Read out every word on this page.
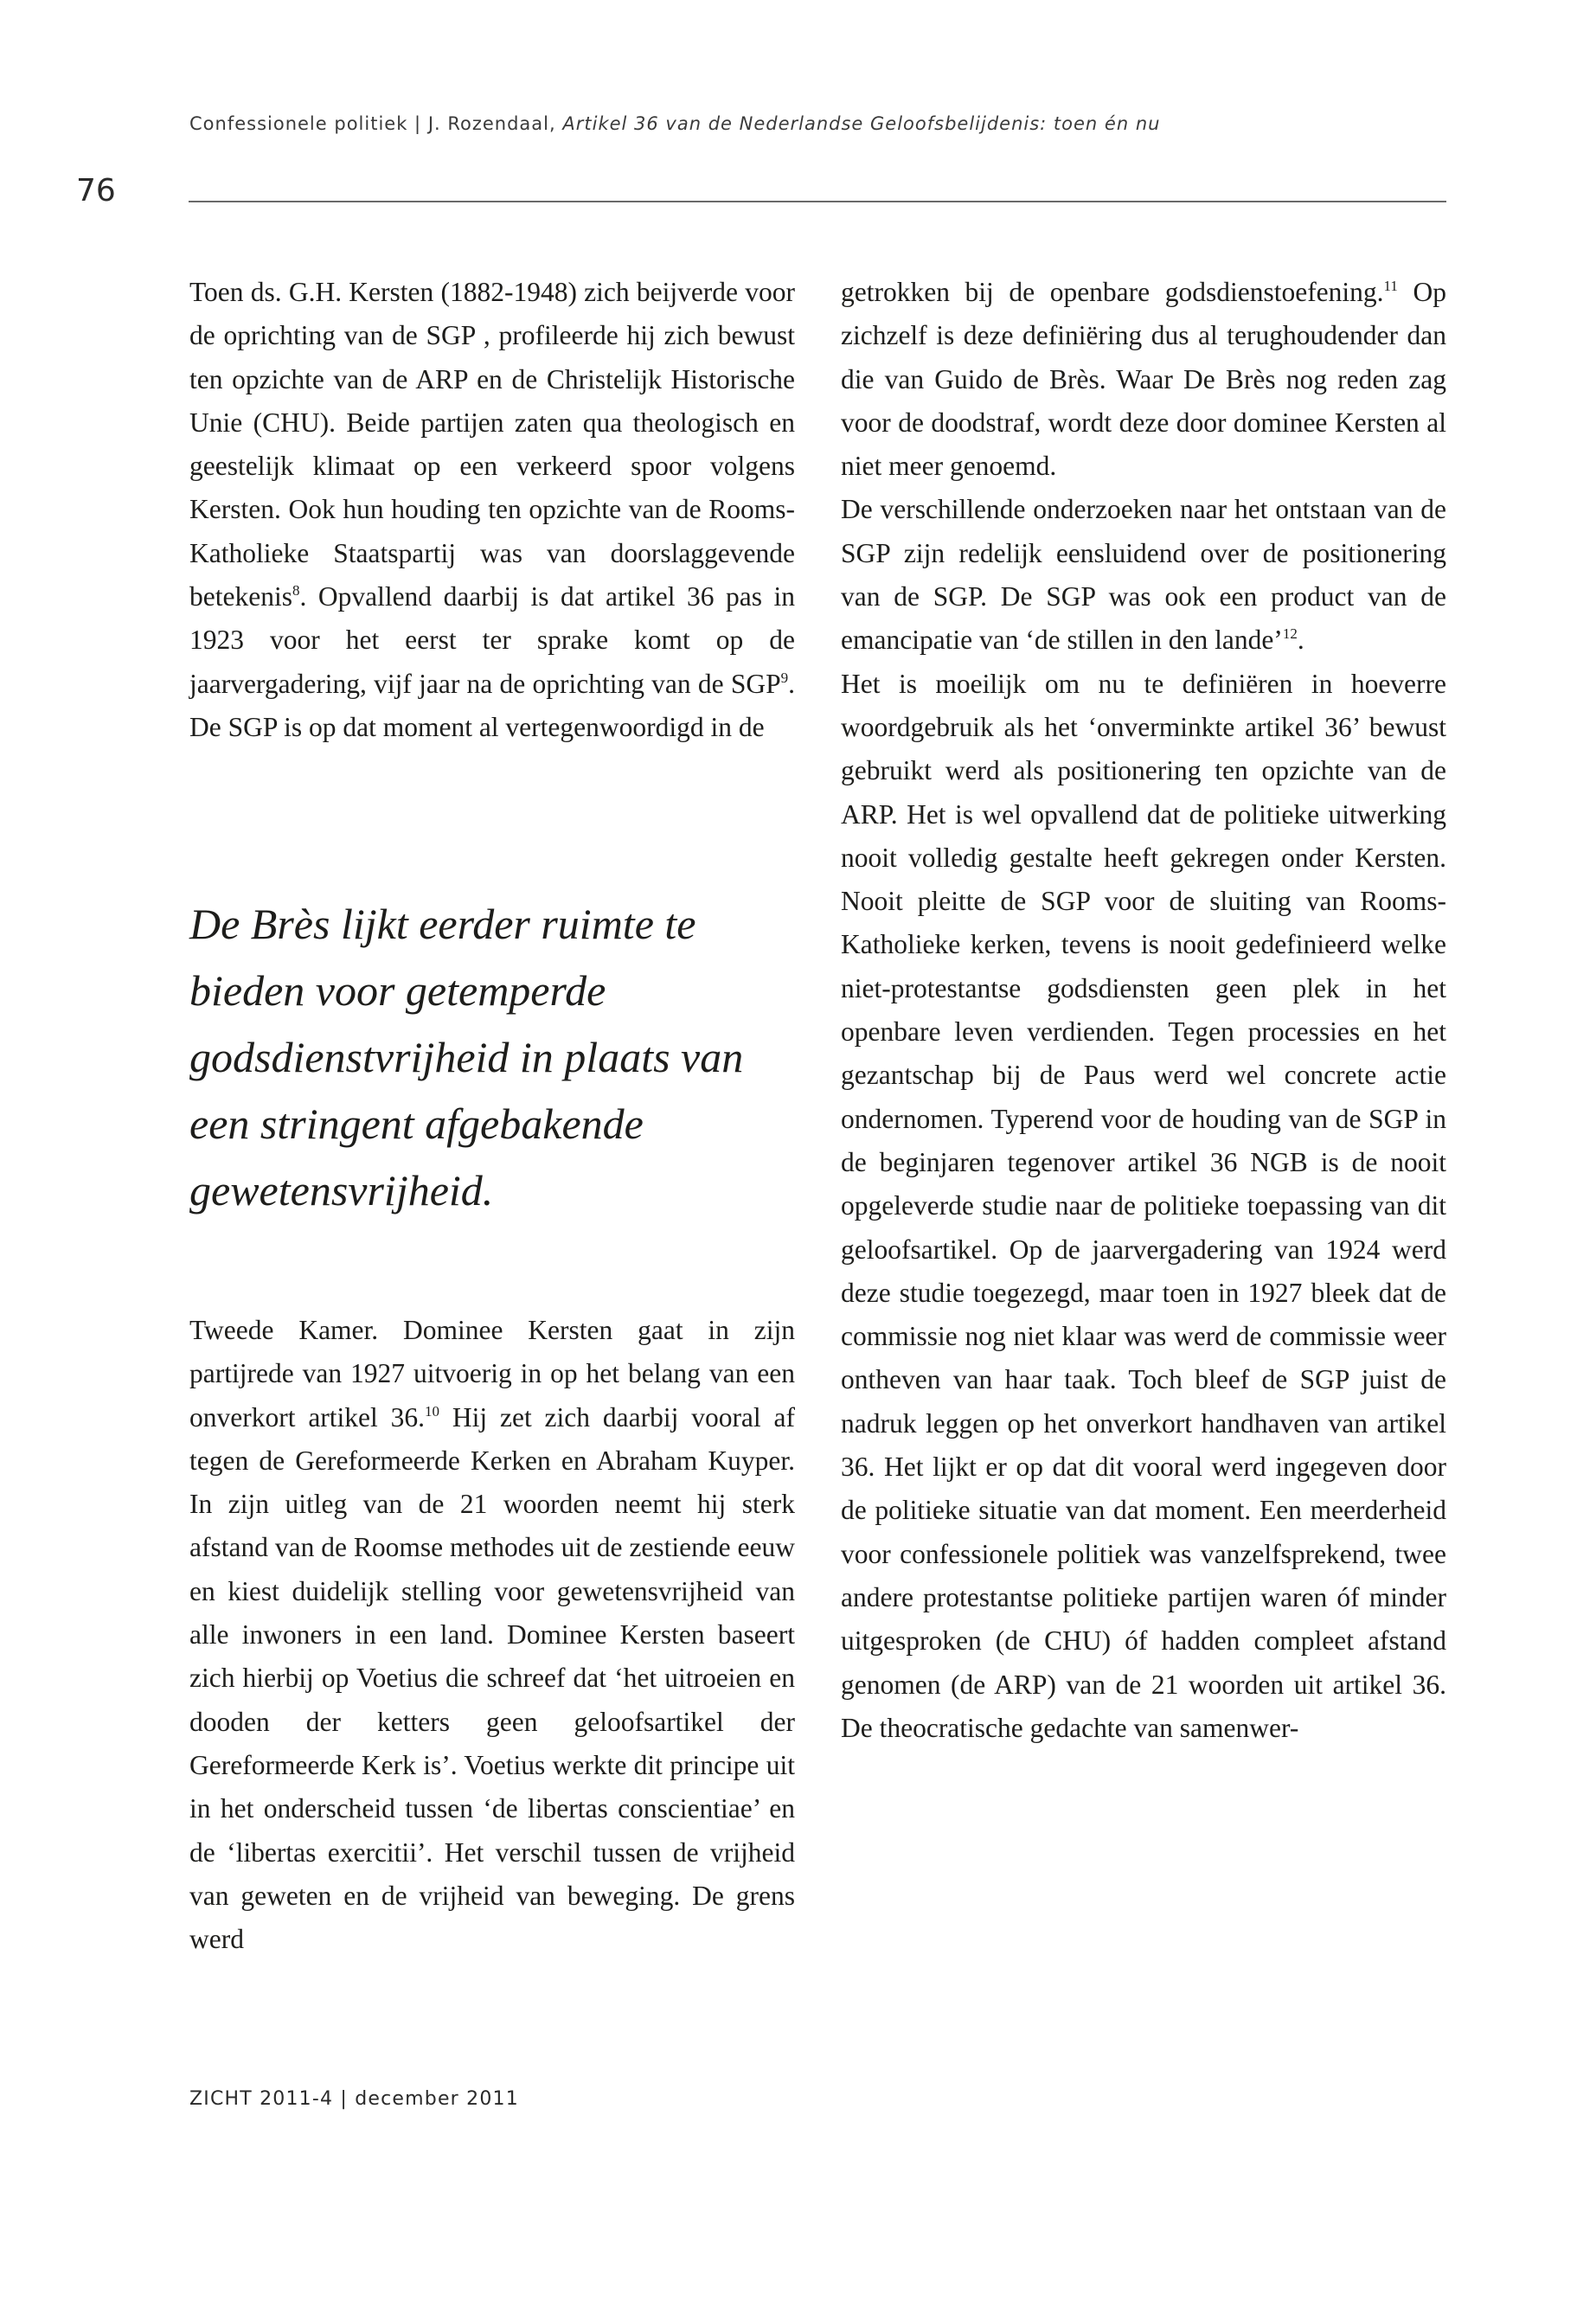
Confessionele politiek | J. Rozendaal, Artikel 36 van de Nederlandse Geloofsbelijdenis: toen én nu
76

Toen ds. G.H. Kersten (1882-1948) zich beijverde voor de oprichting van de SGP , profileerde hij zich bewust ten opzichte van de ARP en de Christelijk Historische Unie (CHU). Beide partijen zaten qua theologisch en geestelijk klimaat op een verkeerd spoor volgens Kersten. Ook hun houding ten opzichte van de Rooms-Katholieke Staatspartij was van doorslaggevende betekenis$^8$. Opvallend daarbij is dat artikel 36 pas in 1923 voor het eerst ter sprake komt op de jaarvergadering, vijf jaar na de oprichting van de SGP$^9$. De SGP is op dat moment al vertegenwoordigd in de

De Brès lijkt eerder ruimte te bieden voor getemperde godsdienstvrijheid in plaats van een stringent afgebakende gewetensvrijheid.

Tweede Kamer. Dominee Kersten gaat in zijn partijrede van 1927 uitvoerig in op het belang van een onverkort artikel 36.10 Hij zet zich daarbij vooral af tegen de Gereformeerde Kerken en Abraham Kuyper. In zijn uitleg van de 21 woorden neemt hij sterk afstand van de Roomse methodes uit de zestiende eeuw en kiest duidelijk stelling voor gewetensvrijheid van alle inwoners in een land. Dominee Kersten baseert zich hierbij op Voetius die schreef dat ‘het uitroeien en dooden der ketters geen geloofsartikel der Gereformeerde Kerk is’. Voetius werkte dit principe uit in het onderscheid tussen ‘de libertas conscientiae’ en de ‘libertas exercitii’. Het verschil tussen de vrijheid van geweten en de vrijheid van beweging. De grens werd

getrokken bij de openbare godsdienstoefening.$^{11}$ Op zichzelf is deze definiëring dus al terughoudender dan die van Guido de Brès. Waar De Brès nog reden zag voor de doodstraf, wordt deze door dominee Kersten al niet meer genoemd.

De verschillende onderzoeken naar het ontstaan van de SGP zijn redelijk eensluidend over de positionering van de SGP. De SGP was ook een product van de emancipatie van ‘de stillen in den lande’$^{12}$.

Het is moeilijk om nu te definiëren in hoeverre woordgebruik als het ‘onverminkte artikel 36’ bewust gebruikt werd als positionering ten opzichte van de ARP. Het is wel opvallend dat de politieke uitwerking nooit volledig gestalte heeft gekregen onder Kersten. Nooit pleitte de SGP voor de sluiting van Rooms-Katholieke kerken, tevens is nooit gedefinieerd welke niet-protestantse godsdiensten geen plek in het openbare leven verdienden. Tegen processies en het gezantschap bij de Paus werd wel concrete actie ondernomen. Typerend voor de houding van de SGP in de beginjaren tegenover artikel 36 NGB is de nooit opgeleverde studie naar de politieke toepassing van dit geloofsartikel. Op de jaarvergadering van 1924 werd deze studie toegezegd, maar toen in 1927 bleek dat de commissie nog niet klaar was werd de commissie weer ontheven van haar taak. Toch bleef de SGP juist de nadruk leggen op het onverkort handhaven van artikel 36. Het lijkt er op dat dit vooral werd ingegeven door de politieke situatie van dat moment. Een meerderheid voor confessionele politiek was vanzelfsprekend, twee andere protestantse politieke partijen waren óf minder uitgesproken (de CHU) óf hadden compleet afstand genomen (de ARP) van de 21 woorden uit artikel 36. De theocratische gedachte van samenwer-

ZICHT 2011-4 | december 2011
